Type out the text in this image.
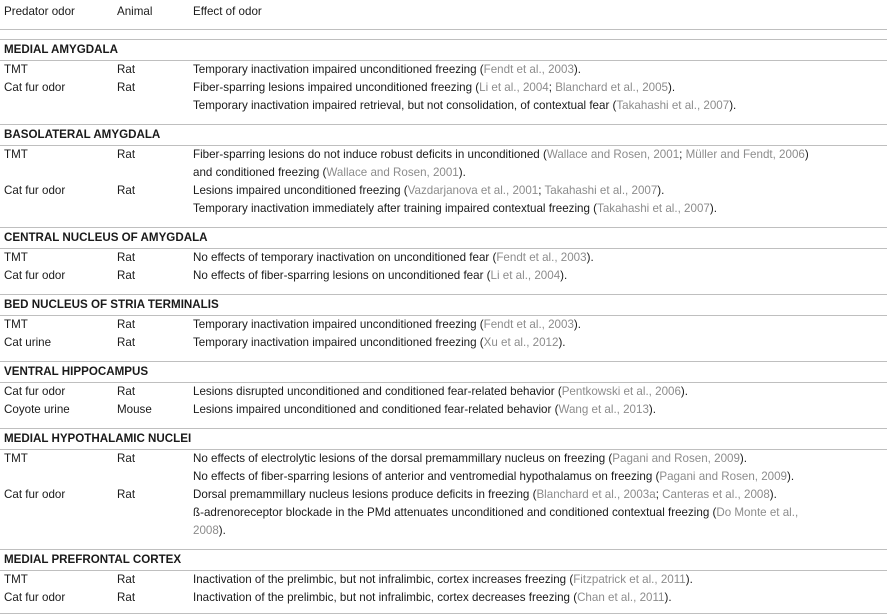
Predator odor	Animal	Effect of odor

MEDIAL AMYGDALA		
TMT	Rat	Temporary inactivation impaired unconditioned freezing (Fendt et al., 2003).

Cat fur odor	Rat	Fiber-sparring lesions impaired unconditioned freezing (Li et al., 2004; Blanchard et al., 2005).
Temporary inactivation impaired retrieval, but not consolidation, of contextual fear (Takahashi et al., 2007).

BASOLATERAL AMYGDALA		
TMT	Rat	Fiber-sparring lesions do not induce robust deficits in unconditioned (Wallace and Rosen, 2001; Müller and Fendt, 2006)
and conditioned freezing (Wallace and Rosen, 2001).

Cat fur odor	Rat	Lesions impaired unconditioned freezing (Vazdarjanova et al., 2001; Takahashi et al., 2007).
Temporary inactivation immediately after training impaired contextual freezing (Takahashi et al., 2007).

CENTRAL NUCLEUS OF AMYGDALA		
TMT	Rat	No effects of temporary inactivation on unconditioned fear (Fendt et al., 2003).

Cat fur odor	Rat	No effects of fiber-sparring lesions on unconditioned fear (Li et al., 2004).

BED NUCLEUS OF STRIA TERMINALIS		
TMT	Rat	Temporary inactivation impaired unconditioned freezing (Fendt et al., 2003).

Cat urine	Rat	Temporary inactivation impaired unconditioned freezing (Xu et al., 2012).

VENTRAL HIPPOCAMPUS		
Cat fur odor	Rat	Lesions disrupted unconditioned and conditioned fear-related behavior (Pentkowski et al., 2006).

Coyote urine	Mouse	Lesions impaired unconditioned and conditioned fear-related behavior (Wang et al., 2013).

MEDIAL HYPOTHALAMIC NUCLEI		
TMT	Rat	No effects of electrolytic lesions of the dorsal premammillary nucleus on freezing (Pagani and Rosen, 2009).
No effects of fiber-sparring lesions of anterior and ventromedial hypothalamus on freezing (Pagani and Rosen, 2009).

Cat fur odor	Rat	Dorsal premammillary nucleus lesions produce deficits in freezing (Blanchard et al., 2003a; Canteras et al., 2008).
ß-adrenoreceptor blockade in the PMd attenuates unconditioned and conditioned contextual freezing (Do Monte et al.,
2008).

MEDIAL PREFRONTAL CORTEX		
TMT	Rat	Inactivation of the prelimbic, but not infralimbic, cortex increases freezing (Fitzpatrick et al., 2011).

Cat fur odor	Rat	Inactivation of the prelimbic, but not infralimbic, cortex decreases freezing (Chan et al., 2011).
